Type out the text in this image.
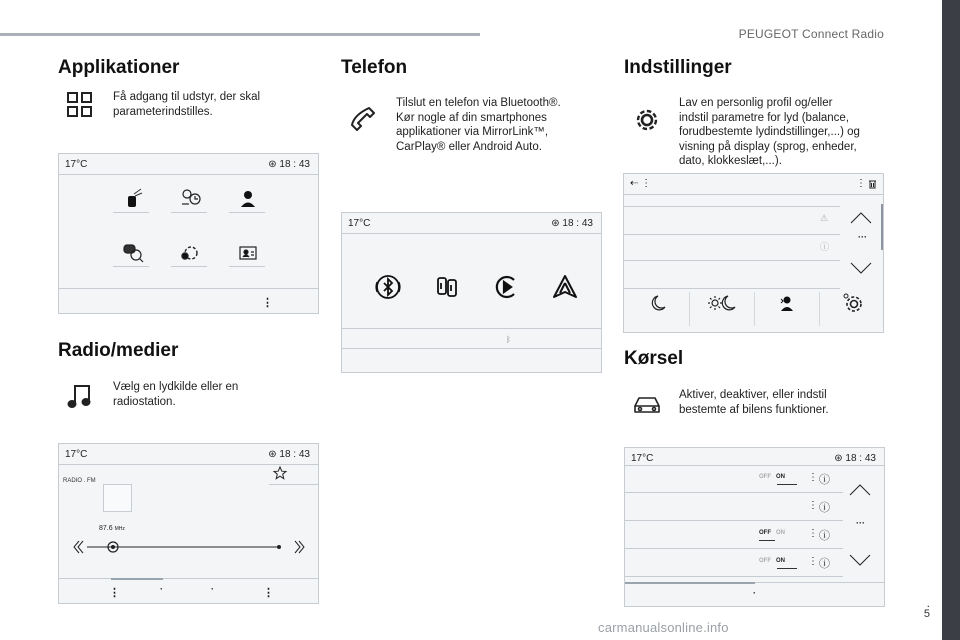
PEUGEOT Connect Radio
.
5
carmanualsonline.info
Applikationer
Få adgang til udstyr, der skal
parameterindstilles.
17°C	⊛ 18 : 43
⋮
Radio/medier
Vælg en lydkilde eller en
radiostation.
17°C	⊛ 18 : 43
RADIO . FM
87.6 MHz
⋮	·	·	⋮
Telefon
Tilslut en telefon via Bluetooth®.
Kør nogle af din smartphones
applikationer via MirrorLink™,
CarPlay® eller Android Auto.
17°C	⊛ 18 : 43
ᛒ
Indstillinger
Lav en personlig profil og/eller
indstil parametre for lyd (balance,
forudbestemte lydindstillinger,...) og
visning på display (sprog, enheder,
dato, klokkeslæt,...).
⇠ ⋮	⋮
⚠
ⓘ
···
Kørsel
Aktiver, deaktiver, eller indstil
bestemte af bilens funktioner.
17°C	⊛ 18 : 43
OFF ON ⋮ ⓘ
⋮ ⓘ
OFF ON ⋮ ⓘ
OFF ON ⋮ ⓘ
···
·
